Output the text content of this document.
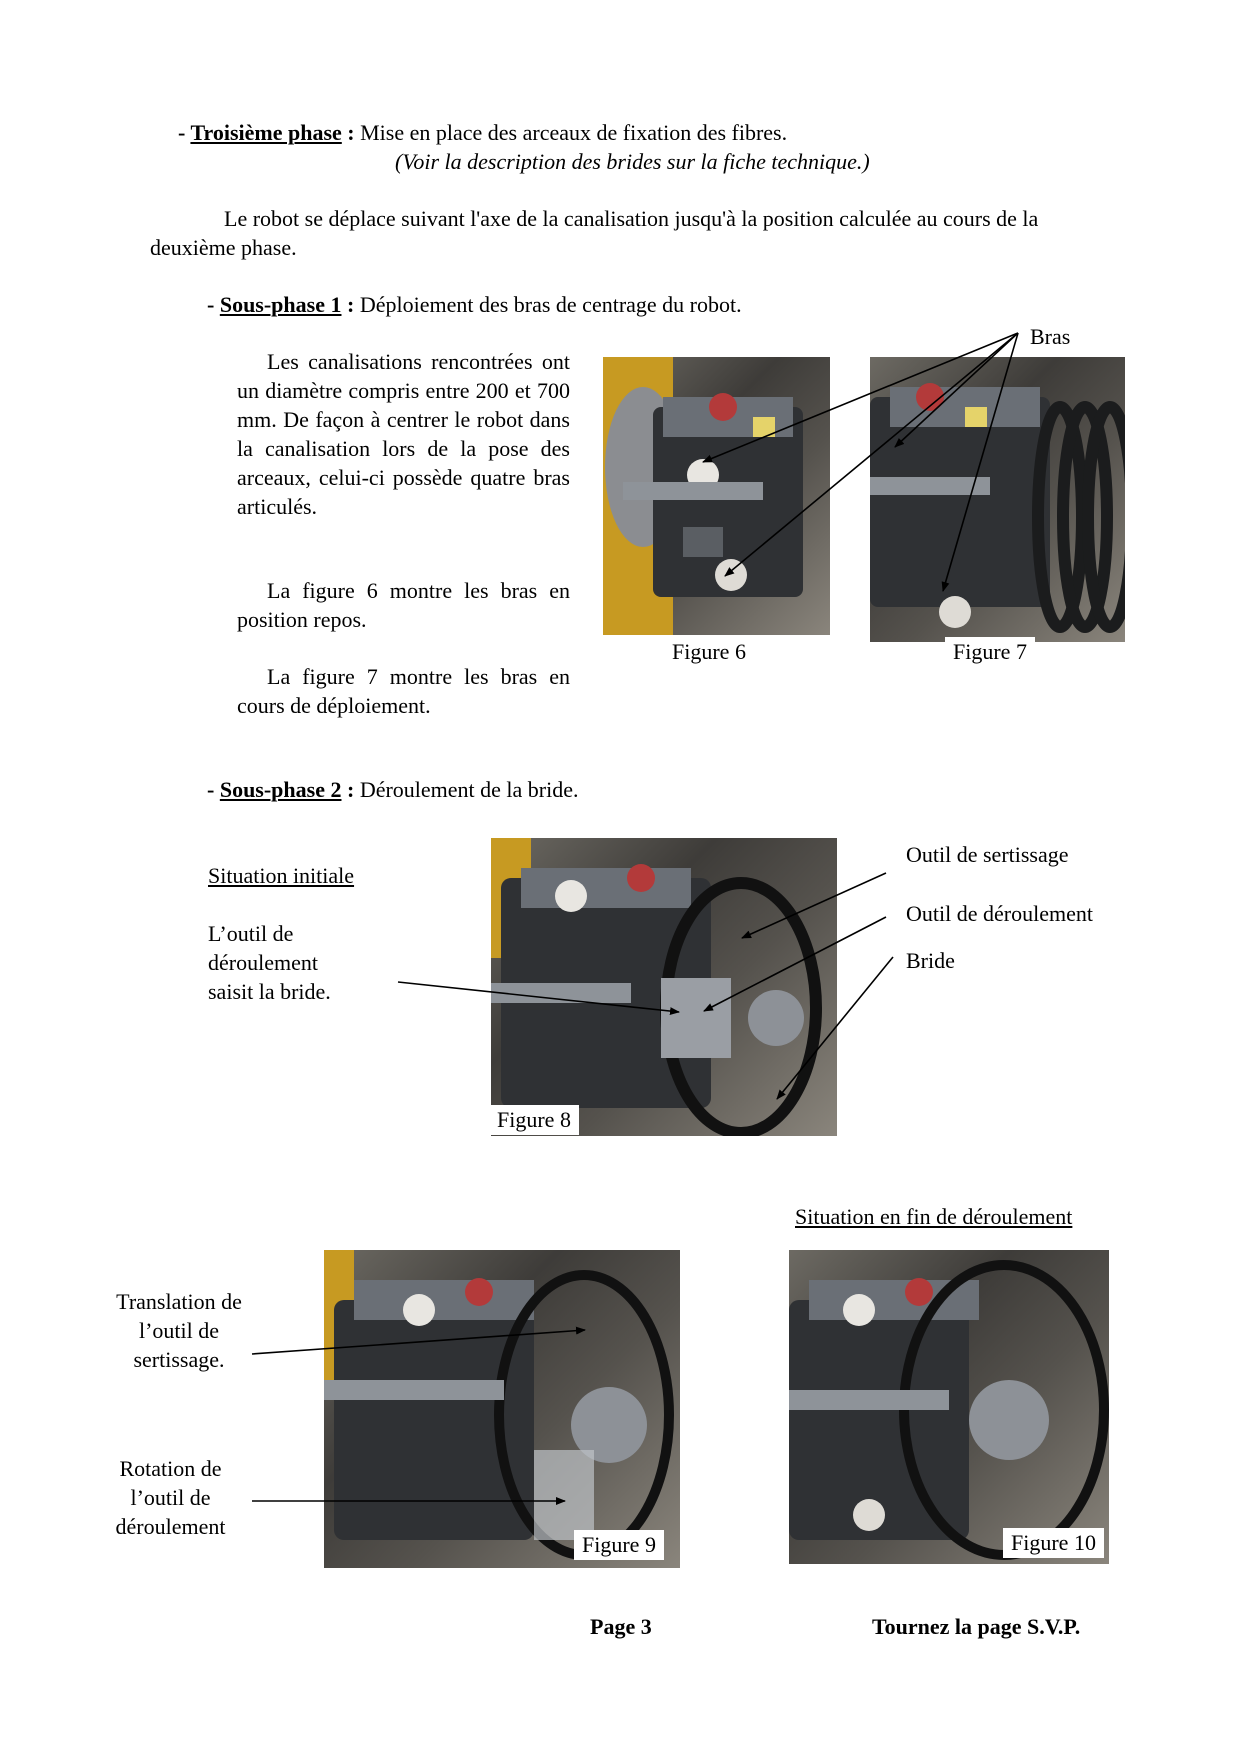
- Troisième phase : Mise en place des arceaux de fixation des fibres.
(Voir la description des brides sur la fiche technique.)
Le robot se déplace suivant l'axe de la canalisation jusqu'à la position calculée au cours de la
deuxième phase.
- Sous-phase 1 : Déploiement des bras de centrage du robot.
Les canalisations rencontrées ont un diamètre compris entre 200 et 700 mm. De façon à centrer le robot dans la canalisation lors de la pose des arceaux, celui-ci possède quatre bras articulés.
La figure 6 montre les bras en position repos.
La figure 7 montre les bras en cours de déploiement.
Figure 6	Figure 7
Bras
- Sous-phase 2 : Déroulement de la bride.
Situation initiale
L’outil de
déroulement
saisit la bride.
Figure 8
Outil de sertissage
Outil de déroulement
Bride
Situation en fin de déroulement
Figure 9
Translation de
l’outil de
sertissage.
Rotation de
l’outil de
déroulement
Figure 10
Page 3	Tournez la page S.V.P.
